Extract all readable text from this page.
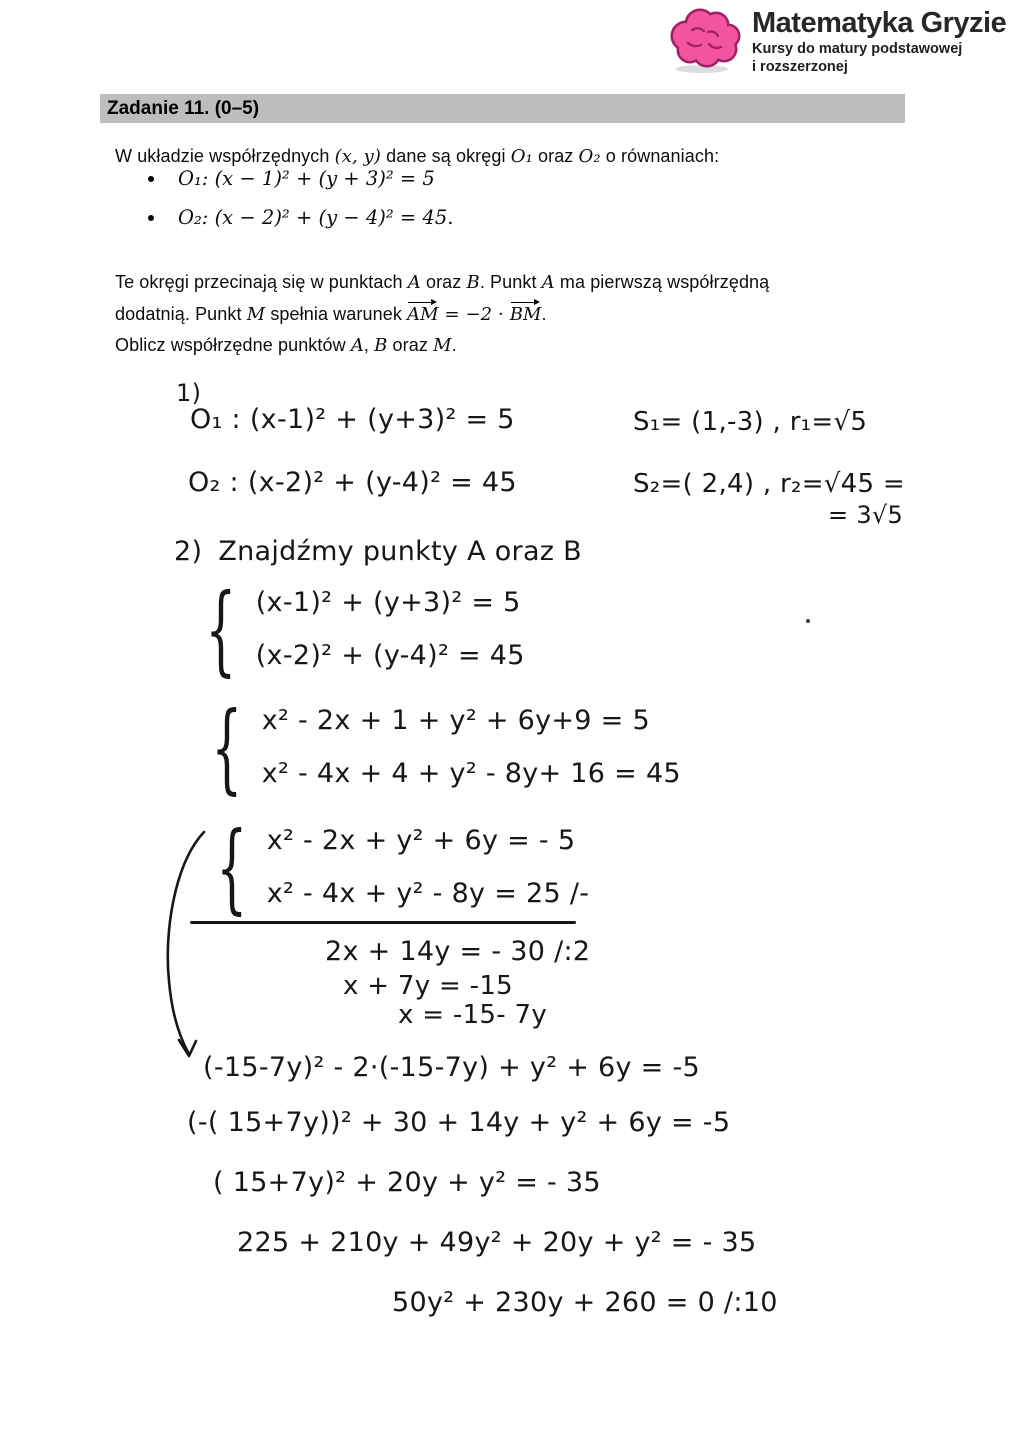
Matematyka Gryzie
Kursy do matury podstawowej
i rozszerzonej
Zadanie 11. (0–5)

W układzie współrzędnych (x, y) dane są okręgi O₁ oraz O₂ o równaniach:

O₁: (x − 1)² + (y + 3)² = 5
O₂: (x − 2)² + (y − 4)² = 45.

Te okręgi przecinają się w punktach A oraz B. Punkt A ma pierwszą współrzędną

dodatnią. Punkt M spełnia warunek AM = −2 · BM.

Oblicz współrzędne punktów A, B oraz M.

1)
O₁ : (x-1)² + (y+3)² = 5	S₁= (1,-3) , r₁=√5
O₂ : (x-2)² + (y-4)² = 45	S₂=( 2,4) , r₂=√45 =
= 3√5
2) Znajdźmy punkty A oraz B
{ (x-1)² + (y+3)² = 5
(x-2)² + (y-4)² = 45
{ x² - 2x + 1 + y² + 6y+9 = 5
x² - 4x + 4 + y² - 8y+ 16 = 45
{ x² - 2x + y² + 6y = - 5
x² - 4x + y² - 8y = 25 /-
2x + 14y = - 30 /:2
x + 7y = -15
x = -15- 7y
(-15-7y)² - 2·(-15-7y) + y² + 6y = -5
(-( 15+7y))² + 30 + 14y + y² + 6y = -5
( 15+7y)² + 20y + y² = - 35
225 + 210y + 49y² + 20y + y² = - 35
50y² + 230y + 260 = 0 /:10
